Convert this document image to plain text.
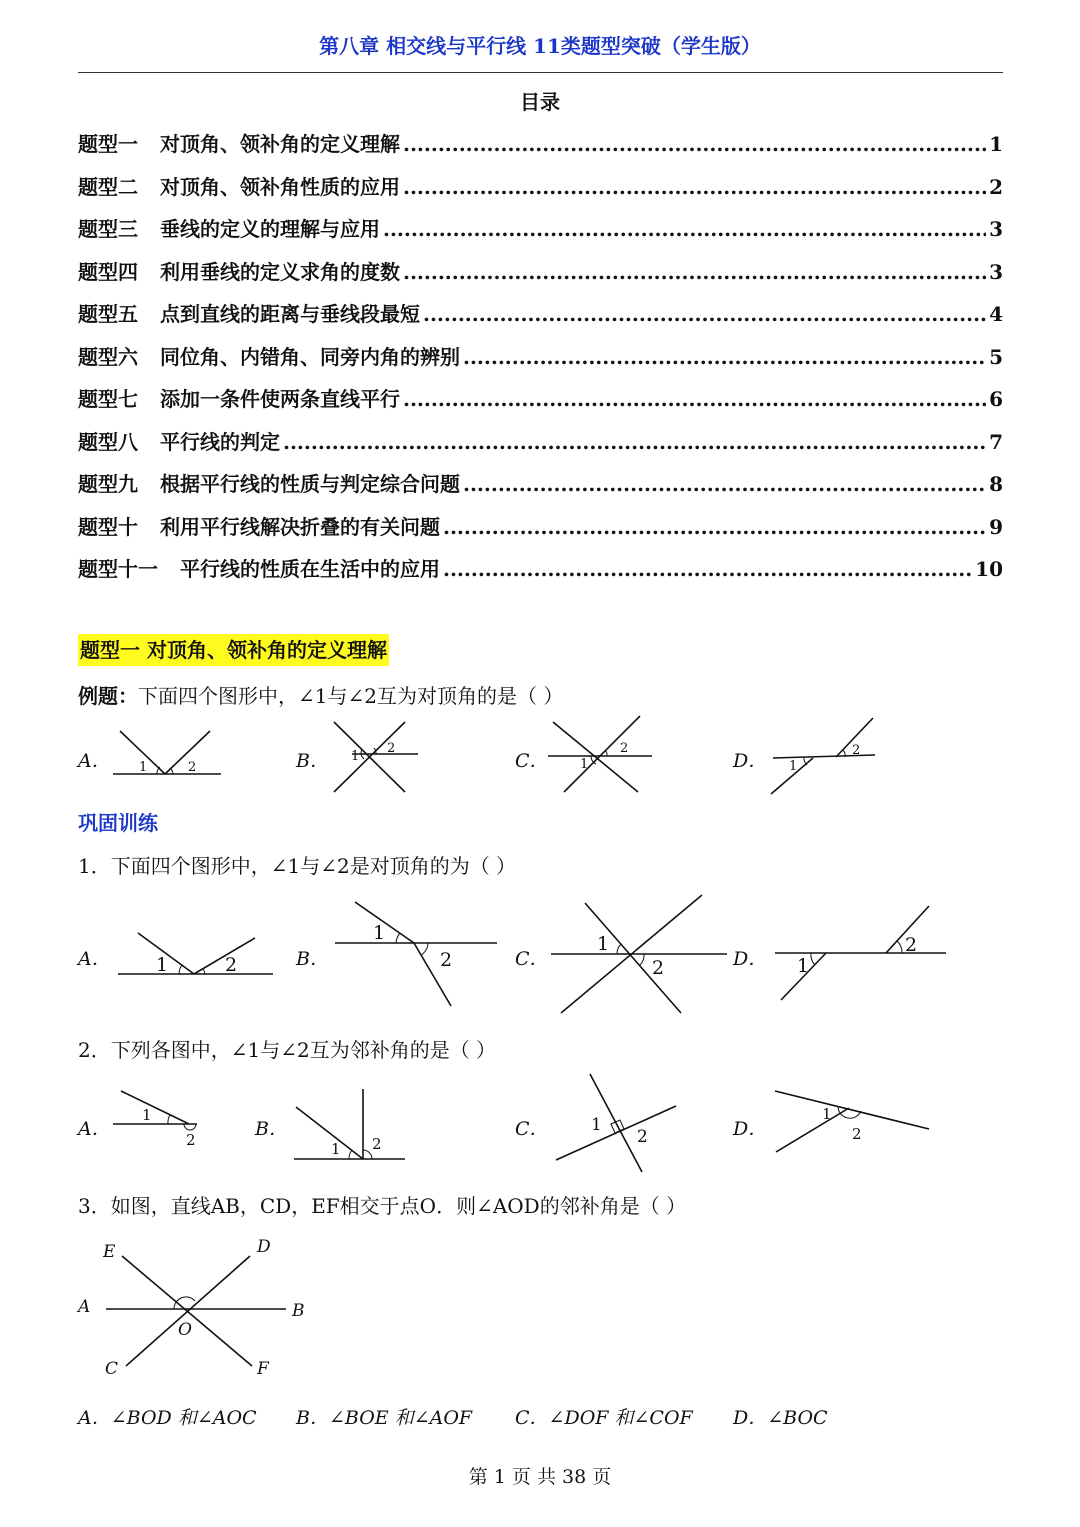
第八章 相交线与平行线 11类题型突破（学生版）
目录
题型一 对顶角、领补角的定义理解 .....	1
题型二 对顶角、领补角性质的应用 .....	2
题型三 垂线的定义的理解与应用 .....	3
题型四 利用垂线的定义求角的度数 .....	3
题型五 点到直线的距离与垂线段最短 .....	4
题型六 同位角、内错角、同旁内角的辨别 .....	5
题型七 添加一条件使两条直线平行 .....	6
题型八 平行线的判定 .....	7
题型九 根据平行线的性质与判定综合问题 .....	8
题型十 利用平行线解决折叠的有关问题 .....	9
题型十一 平行线的性质在生活中的应用 .....	10
题型一 对顶角、领补角的定义理解
例题：下面四个图形中，∠1与∠2互为对顶角的是（ ）
A．	B．	C．	D．
1	2
1
2
1
2
1
2
1	2
1
2
1
2	1
2
1
2	1 2
1
2
1
2
E	D
A	B
O
C	F
巩固训练
1．下面四个图形中，∠1与∠2是对顶角的为（ ）
A．	B．	C．	D．
2．下列各图中，∠1与∠2互为邻补角的是（ ）
A．	B．	C．	D．
3．如图，直线AB，CD，EF相交于点O．则∠AOD的邻补角是（ ）
A．∠BOD 和∠AOC B．∠BOE 和∠AOF C．∠DOF 和∠COF D．∠BOC
第 1 页 共 38 页
